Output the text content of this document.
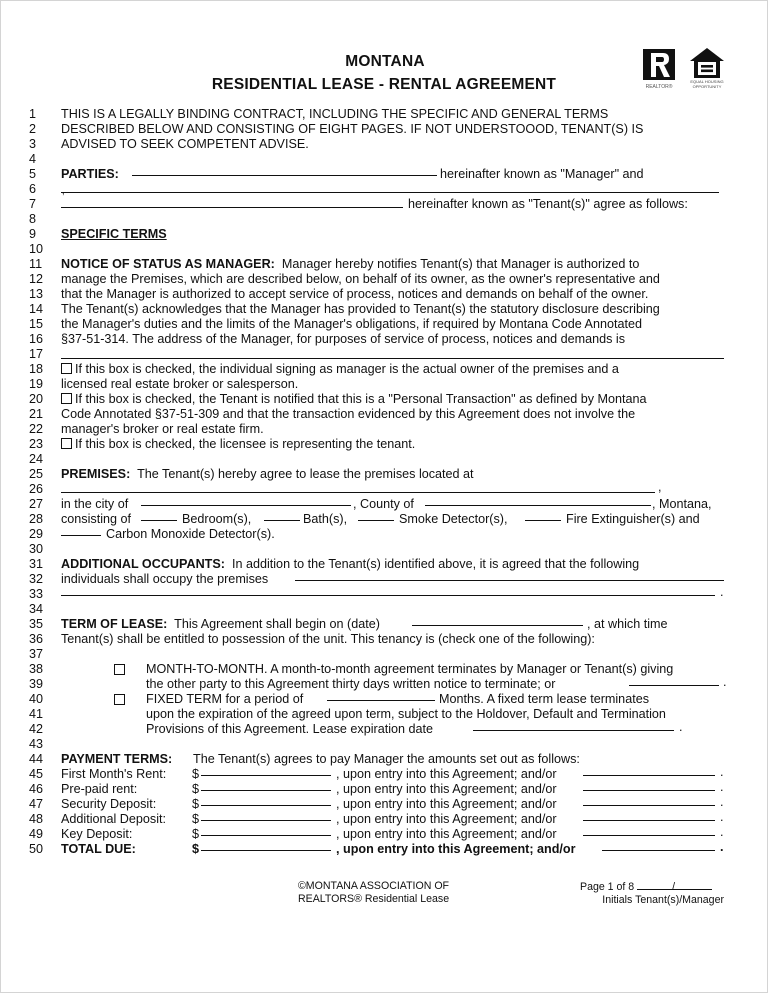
MONTANA
RESIDENTIAL LEASE - RENTAL AGREEMENT	REALTOR®
EQUAL HOUSING
OPPORTUNITY
1
2
3
4
5
6
7
8
9
10
11
12
13
14
15
16
17
18
19
20
21
22
23
24
25
26
27
28
29
30
31
32
33
34
35
36
37
38
39
40
41
42
43
44
45
46
47
48
49
50
THIS IS A LEGALLY BINDING CONTRACT, INCLUDING THE SPECIFIC AND GENERAL TERMS
DESCRIBED BELOW AND CONSISTING OF EIGHT PAGES. IF NOT UNDERSTOOOD, TENANT(S) IS
ADVISED TO SEEK COMPETENT ADVISE.
PARTIES:	hereinafter known as "Manager" and
,
hereinafter known as "Tenant(s)" agree as follows:
SPECIFIC TERMS
NOTICE OF STATUS AS MANAGER: Manager hereby notifies Tenant(s) that Manager is authorized to
manage the Premises, which are described below, on behalf of its owner, as the owner's representative and
that the Manager is authorized to accept service of process, notices and demands on behalf of the owner.
The Tenant(s) acknowledges that the Manager has provided to Tenant(s) the statutory disclosure describing
the Manager's duties and the limits of the Manager's obligations, if required by Montana Code Annotated
§37-51-314. The address of the Manager, for purposes of service of process, notices and demands is
If this box is checked, the individual signing as manager is the actual owner of the premises and a
licensed real estate broker or salesperson.
If this box is checked, the Tenant is notified that this is a "Personal Transaction" as defined by Montana
Code Annotated §37-51-309 and that the transaction evidenced by this Agreement does not involve the
manager's broker or real estate firm.
If this box is checked, the licensee is representing the tenant.
PREMISES: The Tenant(s) hereby agree to lease the premises located at
,
in the city of	, County of	, Montana,
consisting of	Bedroom(s),	Bath(s),	Smoke Detector(s),	Fire Extinguisher(s) and
Carbon Monoxide Detector(s).
ADDITIONAL OCCUPANTS: In addition to the Tenant(s) identified above, it is agreed that the following
individuals shall occupy the premises
.
TERM OF LEASE: This Agreement shall begin on (date)	, at which time
Tenant(s) shall be entitled to possession of the unit. This tenancy is (check one of the following):
MONTH-TO-MONTH. A month-to-month agreement terminates by Manager or Tenant(s) giving
the other party to this Agreement thirty days written notice to terminate; or	.
FIXED TERM for a period of	Months. A fixed term lease terminates
upon the expiration of the agreed upon term, subject to the Holdover, Default and Termination
Provisions of this Agreement. Lease expiration date	.
PAYMENT TERMS: The Tenant(s) agrees to pay Manager the amounts set out as follows:
First Month's Rent: $	, upon entry into this Agreement; and/or	.
Pre-paid rent:	$	, upon entry into this Agreement; and/or	.
Security Deposit:	$	, upon entry into this Agreement; and/or	.
Additional Deposit: $	, upon entry into this Agreement; and/or	.
Key Deposit:	$	, upon entry into this Agreement; and/or	.
TOTAL DUE:	$	, upon entry into this Agreement; and/or	.
©MONTANA ASSOCIATION OF
REALTORS® Residential Lease
Page 1 of 8	/
Initials Tenant(s)/Manager
